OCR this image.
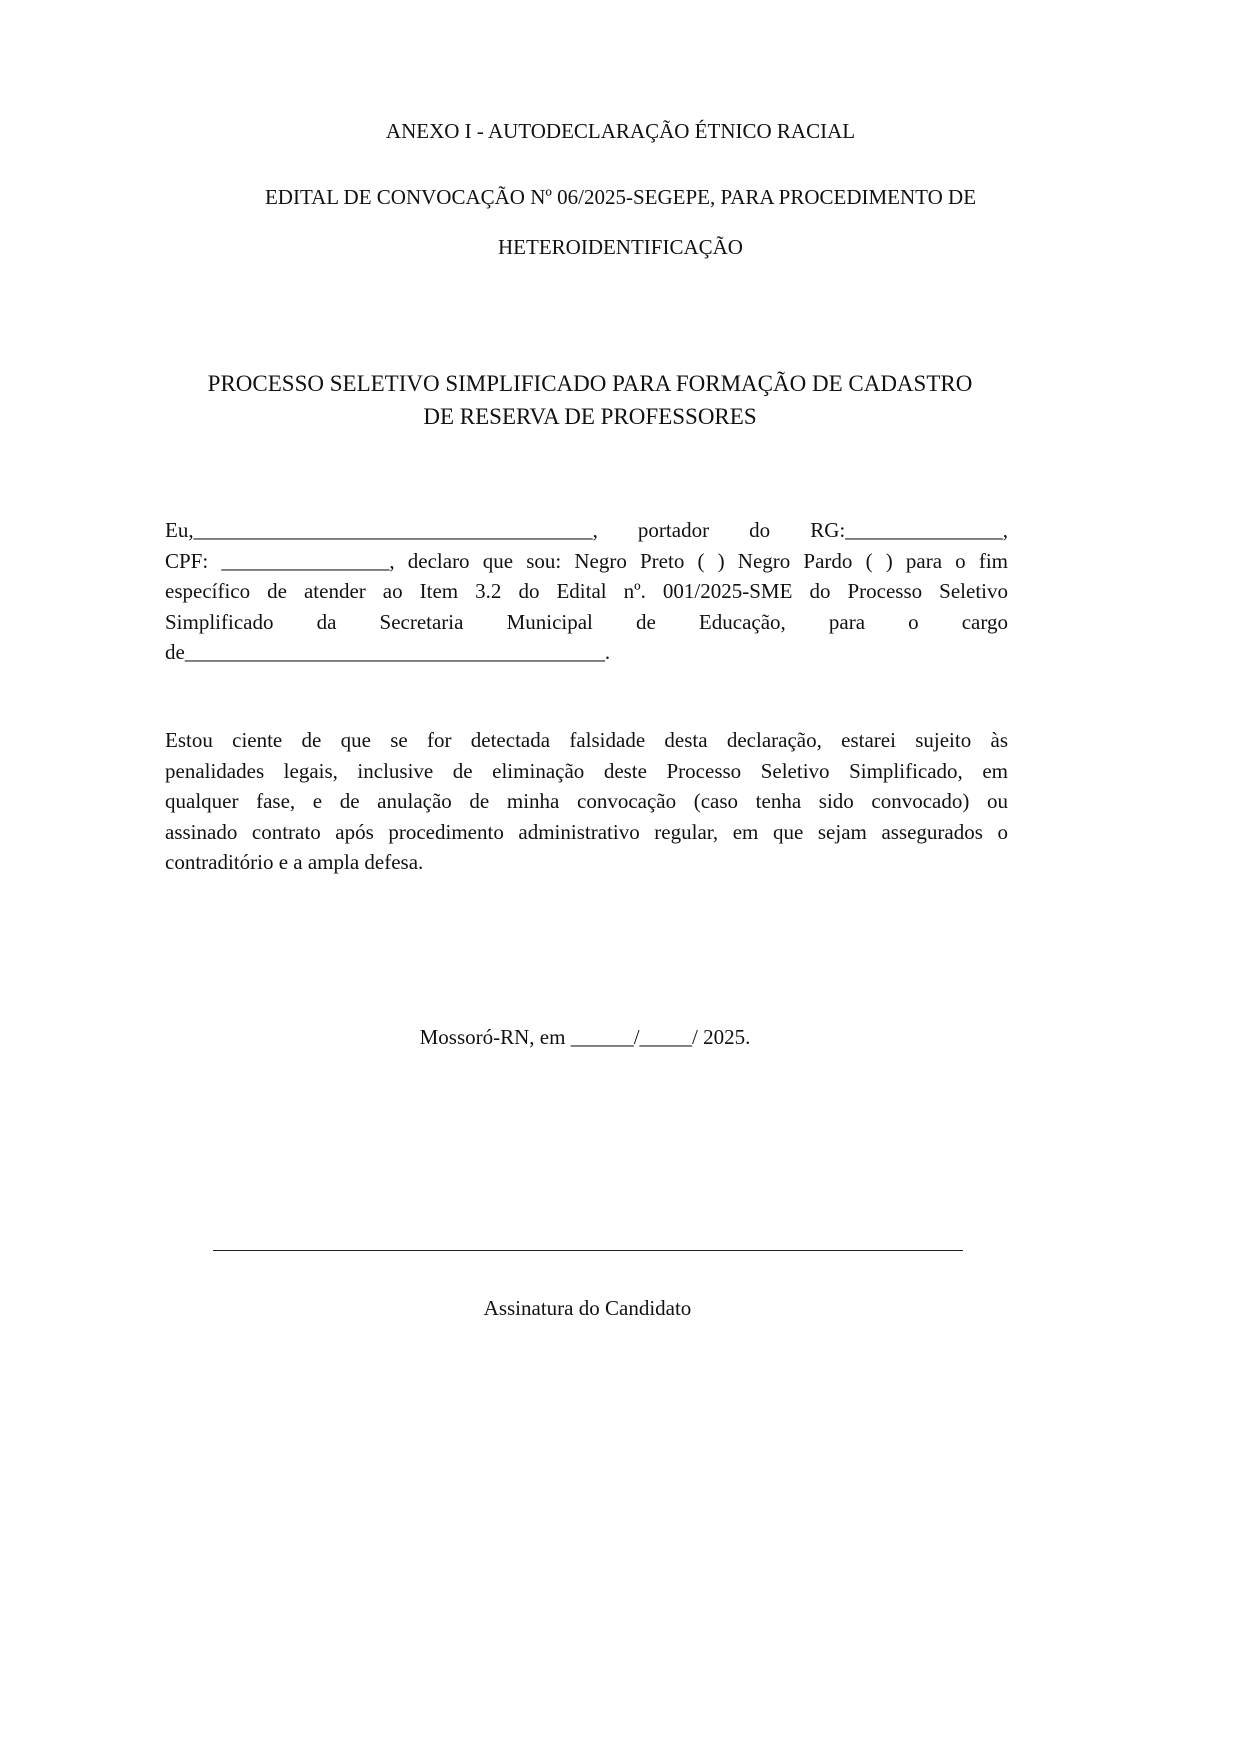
ANEXO I - AUTODECLARAÇÃO ÉTNICO RACIAL
EDITAL DE CONVOCAÇÃO Nº 06/2025-SEGEPE, PARA PROCEDIMENTO DE
HETEROIDENTIFICAÇÃO
PROCESSO SELETIVO SIMPLIFICADO PARA FORMAÇÃO DE CADASTRO
DE RESERVA DE PROFESSORES
Eu,______________________________________, portador do RG:_______________,
CPF: ________________, declaro que sou: Negro Preto ( ) Negro Pardo ( ) para o fim
específico de atender ao Item 3.2 do Edital nº. 001/2025-SME do Processo Seletivo
Simplificado da Secretaria Municipal de Educação, para o cargo
de________________________________________.
Estou ciente de que se for detectada falsidade desta declaração, estarei sujeito às
penalidades legais, inclusive de eliminação deste Processo Seletivo Simplificado, em
qualquer fase, e de anulação de minha convocação (caso tenha sido convocado) ou
assinado contrato após procedimento administrativo regular, em que sejam assegurados o
contraditório e a ampla defesa.
Mossoró-RN, em ______/_____/ 2025.
Assinatura do Candidato
